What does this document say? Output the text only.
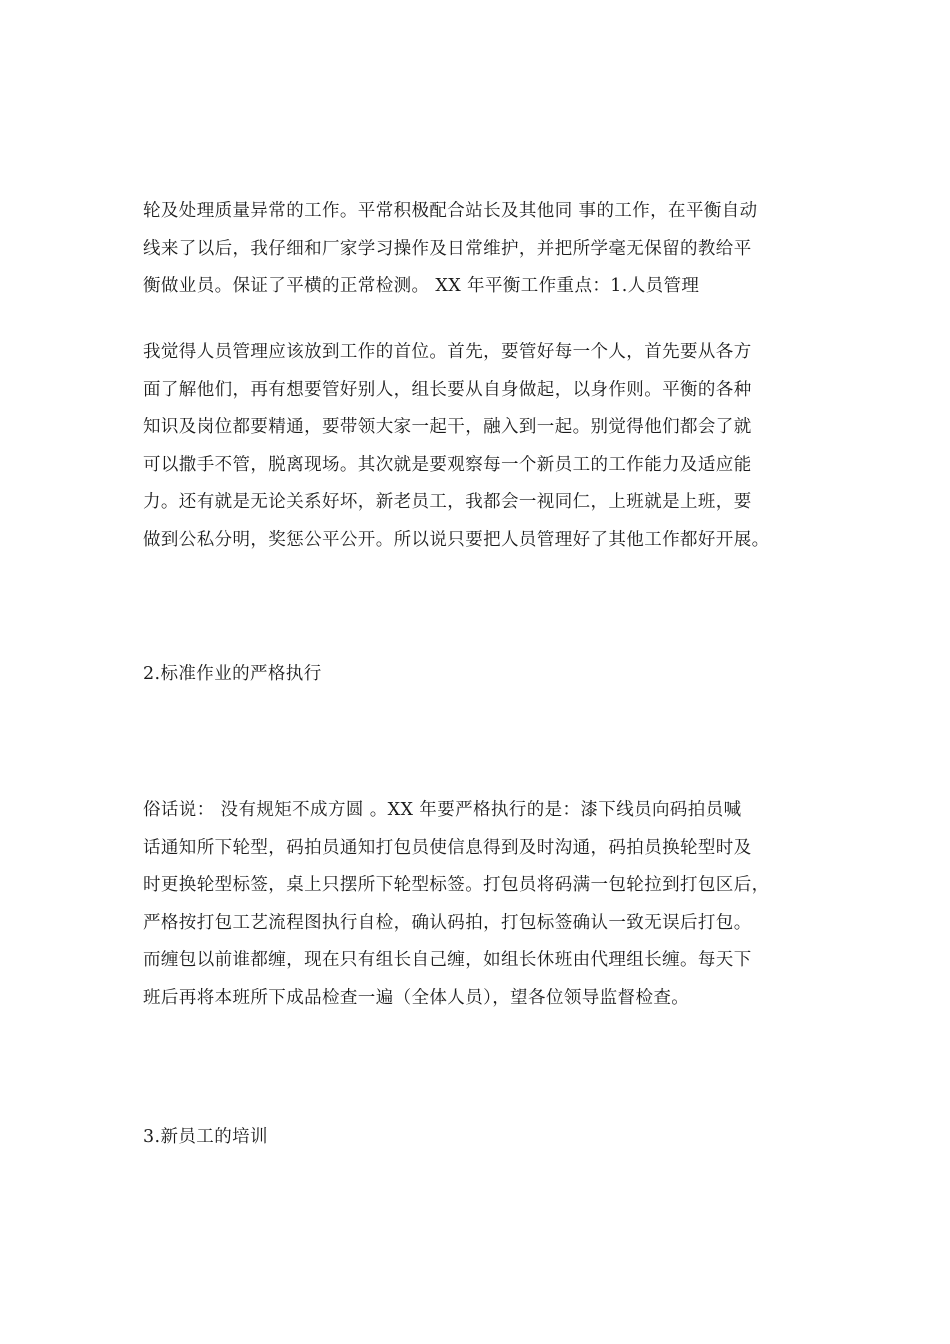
轮及处理质量异常的工作。平常积极配合站长及其他同 事的工作，在平衡自动
线来了以后，我仔细和厂家学习操作及日常维护，并把所学毫无保留的教给平
衡做业员。保证了平横的正常检测。 XX 年平衡工作重点：1.人员管理
我觉得人员管理应该放到工作的首位。首先，要管好每一个人，首先要从各方
面了解他们，再有想要管好别人，组长要从自身做起，以身作则。平衡的各种
知识及岗位都要精通，要带领大家一起干，融入到一起。别觉得他们都会了就
可以撒手不管，脱离现场。其次就是要观察每一个新员工的工作能力及适应能
力。还有就是无论关系好坏，新老员工，我都会一视同仁，上班就是上班，要
做到公私分明，奖惩公平公开。所以说只要把人员管理好了其他工作都好开展。
2.标准作业的严格执行
俗话说： 没有规矩不成方圆 。XX 年要严格执行的是：漆下线员向码拍员喊
话通知所下轮型，码拍员通知打包员使信息得到及时沟通，码拍员换轮型时及
时更换轮型标签，桌上只摆所下轮型标签。打包员将码满一包轮拉到打包区后，
严格按打包工艺流程图执行自检，确认码拍，打包标签确认一致无误后打包。
而缠包以前谁都缠，现在只有组长自己缠，如组长休班由代理组长缠。每天下
班后再将本班所下成品检查一遍（全体人员），望各位领导监督检查。
3.新员工的培训
